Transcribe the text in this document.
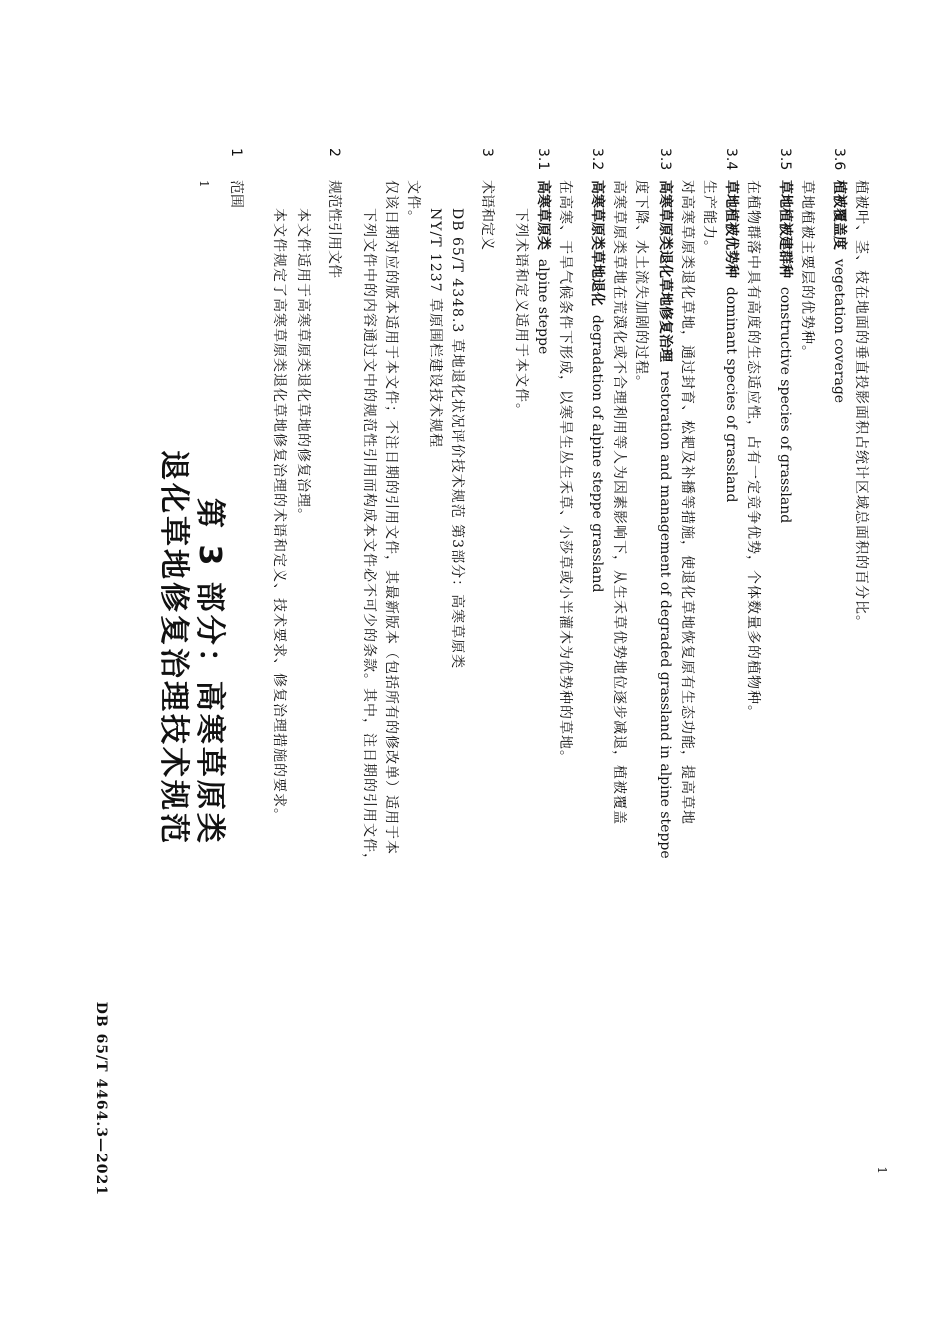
DB 65/T 4464.3—2021	1
1
退化草地修复治理技术规范 第 3 部分：高寒草原类
1
范围
本文件规定了高寒草原类退化草地修复治理的术语和定义、技术要求、修复治理措施的要求。 本文件适用于高寒草原类退化草地的修复治理。
2
规范性引用文件 下列文件中的内容通过文中的规范性引用而构成本文件必不可少的条款。其中，注日期的引用文件， 仅该日期对应的版本适用于本文件；不注日期的引用文件，其最新版本（包括所有的修改单）适用于本 文件。
NY/T 1237 草原围栏建设技术规程 DB 65/T 4348.3 草地退化状况评价技术规范 第3部分：高寒草原类
3
术语和定义 下列术语和定义适用于本文件。
3.1
高寒草原类  alpine steppe 在高寒、干旱气候条件下形成，以寒旱生丛生禾草、小莎草或小半灌木为优势种的草地。
3.2
高寒草原类草地退化  degradation of alpine steppe grassland 高寒草原类草地在荒漠化或不合理利用等人为因素影响下，从生禾草优势地位逐步减退，植被覆盖 度下降、水土流失加剧的过程。
3.3
高寒草原类退化草地修复治理  restoration and management of degraded grassland in alpine steppe 对高寒草原类退化草地，通过封育、松耙及补播等措施，使退化草地恢复原有生态功能，提高草地 生产能力。
3.4
草地植被优势种  dominant species of grassland 在植物群落中具有高度的生态适应性，占有一定竞争优势，个体数量多的植物种。
3.5
草地植被建群种  constructive species of grassland
草地植被主要层的优势种。
3.6
植被覆盖度  vegetation coverage 植被叶、茎、枝在地面的垂直投影面积占统计区域总面积的百分比。
